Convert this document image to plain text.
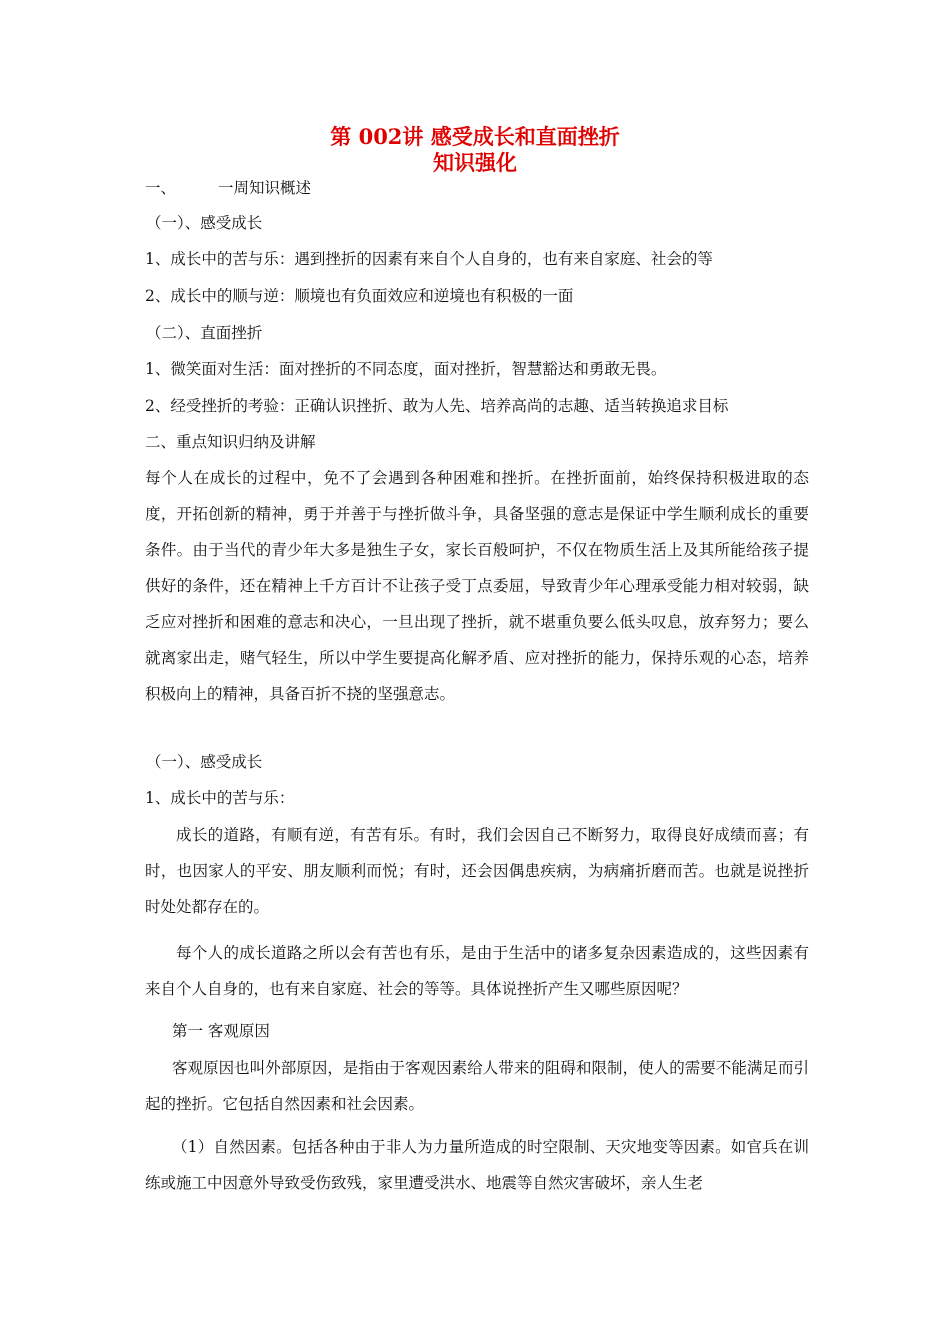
第 002讲 感受成长和直面挫折
知识强化
一、	一周知识概述
（一）、感受成长
1、成长中的苦与乐：遇到挫折的因素有来自个人自身的，也有来自家庭、社会的等
2、成长中的顺与逆：顺境也有负面效应和逆境也有积极的一面
（二）、直面挫折
1、微笑面对生活：面对挫折的不同态度，面对挫折，智慧豁达和勇敢无畏。
2、经受挫折的考验：正确认识挫折、敢为人先、培养高尚的志趣、适当转换追求目标
二、重点知识归纳及讲解
每个人在成长的过程中，免不了会遇到各种困难和挫折。在挫折面前，始终保持积极进取的态度，开拓创新的精神，勇于并善于与挫折做斗争，具备坚强的意志是保证中学生顺利成长的重要条件。由于当代的青少年大多是独生子女，家长百般呵护，不仅在物质生活上及其所能给孩子提供好的条件，还在精神上千方百计不让孩子受丁点委屈，导致青少年心理承受能力相对较弱，缺乏应对挫折和困难的意志和决心，一旦出现了挫折，就不堪重负要么低头叹息，放弃努力；要么就离家出走，赌气轻生，所以中学生要提高化解矛盾、应对挫折的能力，保持乐观的心态，培养积极向上的精神，具备百折不挠的坚强意志。
（一）、感受成长
1、成长中的苦与乐：
成长的道路，有顺有逆，有苦有乐。有时，我们会因自己不断努力，取得良好成绩而喜；有时，也因家人的平安、朋友顺利而悦；有时，还会因偶患疾病，为病痛折磨而苦。也就是说挫折时处处都存在的。
每个人的成长道路之所以会有苦也有乐，是由于生活中的诸多复杂因素造成的，这些因素有来自个人自身的，也有来自家庭、社会的等等。具体说挫折产生又哪些原因呢？
第一 客观原因
客观原因也叫外部原因，是指由于客观因素给人带来的阻碍和限制，使人的需要不能满足而引起的挫折。它包括自然因素和社会因素。
（1）自然因素。包括各种由于非人为力量所造成的时空限制、天灾地变等因素。如官兵在训练或施工中因意外导致受伤致残，家里遭受洪水、地震等自然灾害破坏，亲人生老
